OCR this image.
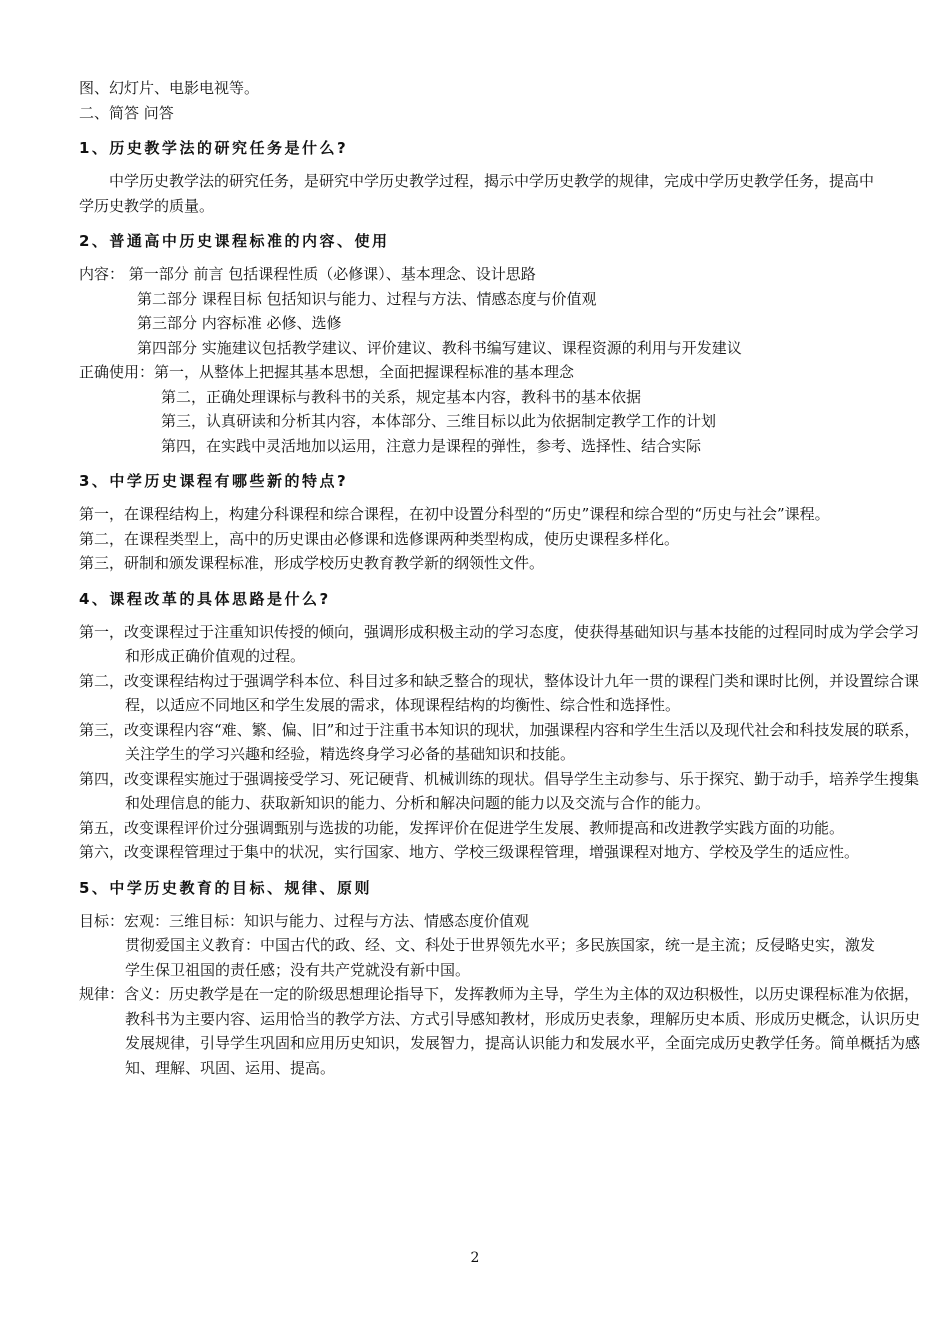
图、幻灯片、电影电视等。
二、简答 问答
1、历史教学法的研究任务是什么?
中学历史教学法的研究任务，是研究中学历史教学过程，揭示中学历史教学的规律，完成中学历史教学任务，提高中学历史教学的质量。
2、普通高中历史课程标准的内容、使用
内容： 第一部分 前言 包括课程性质（必修课）、基本理念、设计思路
第二部分 课程目标 包括知识与能力、过程与方法、情感态度与价值观
第三部分 内容标准 必修、选修
第四部分 实施建议包括教学建议、评价建议、教科书编写建议、课程资源的利用与开发建议
正确使用：第一，从整体上把握其基本思想，全面把握课程标准的基本理念
第二，正确处理课标与教科书的关系，规定基本内容，教科书的基本依据
第三，认真研读和分析其内容，本体部分、三维目标以此为依据制定教学工作的计划
第四，在实践中灵活地加以运用，注意力是课程的弹性，参考、选择性、结合实际
3、中学历史课程有哪些新的特点?
第一，在课程结构上，构建分科课程和综合课程，在初中设置分科型的“历史”课程和综合型的“历史与社会”课程。
第二，在课程类型上，高中的历史课由必修课和选修课两种类型构成，使历史课程多样化。
第三，研制和颁发课程标准，形成学校历史教育教学新的纲领性文件。
4、课程改革的具体思路是什么?
第一，改变课程过于注重知识传授的倾向，强调形成积极主动的学习态度，使获得基础知识与基本技能的过程同时成为学会学习和形成正确价值观的过程。
第二，改变课程结构过于强调学科本位、科目过多和缺乏整合的现状，整体设计九年一贯的课程门类和课时比例，并设置综合课程，以适应不同地区和学生发展的需求，体现课程结构的均衡性、综合性和选择性。
第三，改变课程内容“难、繁、偏、旧”和过于注重书本知识的现状，加强课程内容和学生生活以及现代社会和科技发展的联系，关注学生的学习兴趣和经验，精选终身学习必备的基础知识和技能。
第四，改变课程实施过于强调接受学习、死记硬背、机械训练的现状。倡导学生主动参与、乐于探究、勤于动手，培养学生搜集和处理信息的能力、获取新知识的能力、分析和解决问题的能力以及交流与合作的能力。
第五，改变课程评价过分强调甄别与选拔的功能，发挥评价在促进学生发展、教师提高和改进教学实践方面的功能。
第六，改变课程管理过于集中的状况，实行国家、地方、学校三级课程管理，增强课程对地方、学校及学生的适应性。
5、中学历史教育的目标、规律、原则
目标：宏观：三维目标：知识与能力、过程与方法、情感态度价值观
贯彻爱国主义教育：中国古代的政、经、文、科处于世界领先水平；多民族国家，统一是主流；反侵略史实，激发学生保卫祖国的责任感；没有共产党就没有新中国。
规律：含义：历史教学是在一定的阶级思想理论指导下，发挥教师为主导，学生为主体的双边积极性，以历史课程标准为依据，教科书为主要内容、运用恰当的教学方法、方式引导感知教材，形成历史表象，理解历史本质、形成历史概念，认识历史发展规律，引导学生巩固和应用历史知识，发展智力，提高认识能力和发展水平，全面完成历史教学任务。简单概括为感知、理解、巩固、运用、提高。
2
